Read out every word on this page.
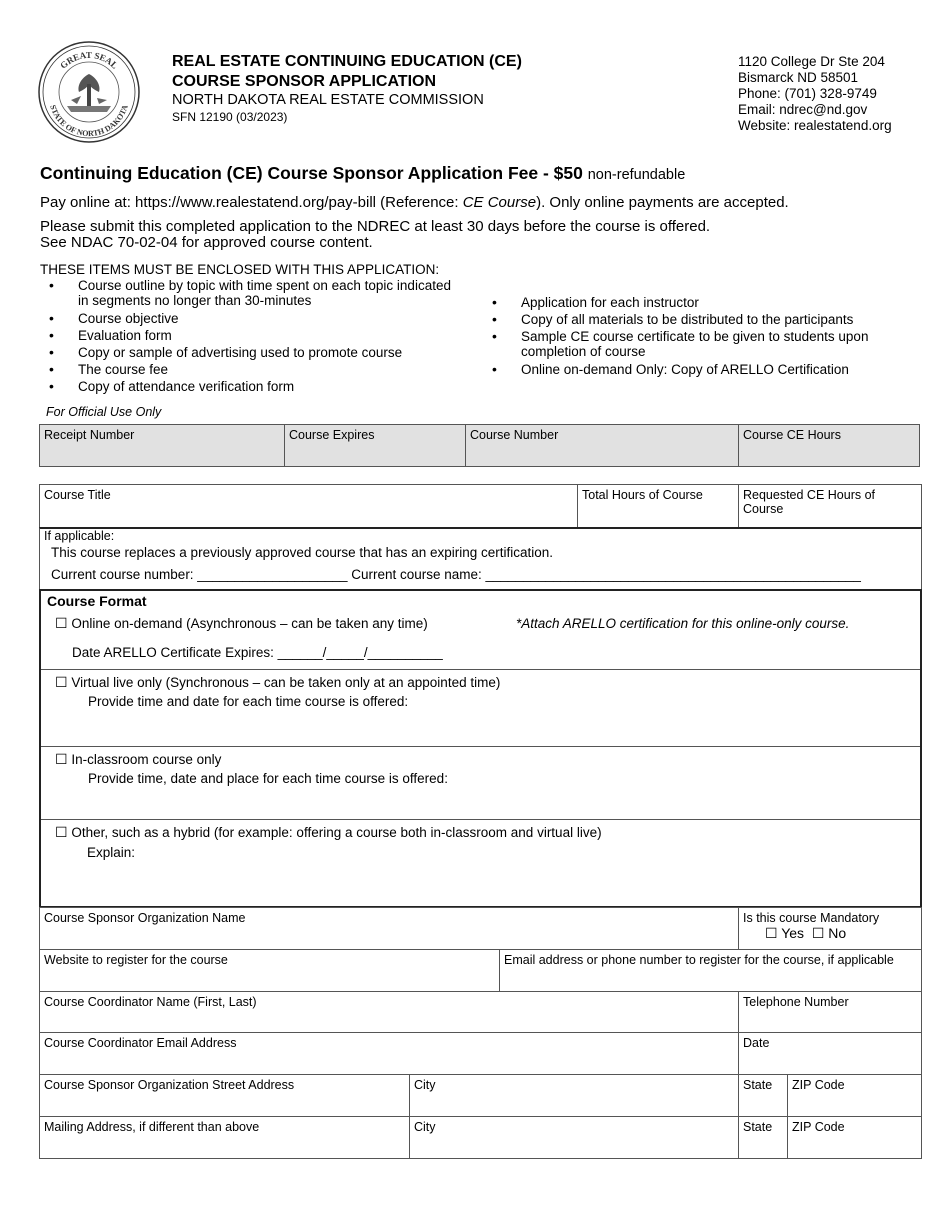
GREAT SEAL
STATE OF NORTH DAKOTA
REAL ESTATE CONTINUING EDUCATION (CE)
COURSE SPONSOR APPLICATION
NORTH DAKOTA REAL ESTATE COMMISSION
SFN 12190 (03/2023)
1120 College Dr Ste 204
Bismarck ND 58501
Phone: (701) 328-9749
Email: ndrec@nd.gov
Website: realestatend.org
Continuing Education (CE) Course Sponsor Application Fee - $50 non-refundable
Pay online at: https://www.realestatend.org/pay-bill (Reference: CE Course). Only online payments are accepted.
Please submit this completed application to the NDREC at least 30 days before the course is offered.
See NDAC 70-02-04 for approved course content.
THESE ITEMS MUST BE ENCLOSED WITH THIS APPLICATION:
• Course outline by topic with time spent on each topic indicated
in segments no longer than 30-minutes
• Course objective
• Evaluation form
• Copy or sample of advertising used to promote course
• The course fee
• Copy of attendance verification form
• Application for each instructor
• Copy of all materials to be distributed to the participants
• Sample CE course certificate to be given to students upon
completion of course
• Online on-demand Only: Copy of ARELLO Certification
For Official Use Only
Receipt Number	Course Expires	Course Number	Course CE Hours
Course Title	Total Hours of Course	Requested CE Hours of Course
If applicable:
This course replaces a previously approved course that has an expiring certification.
Current course number: ____________________ Current course name: __________________________________________________
Course Format
☐ Online on-demand (Asynchronous – can be taken any time)	*Attach ARELLO certification for this online-only course.
Date ARELLO Certificate Expires: ______/_____/__________
☐ Virtual live only (Synchronous – can be taken only at an appointed time)
Provide time and date for each time course is offered:
☐ In-classroom course only
Provide time, date and place for each time course is offered:
☐ Other, such as a hybrid (for example: offering a course both in-classroom and virtual live)
Explain:
Course Sponsor Organization Name	Is this course Mandatory
☐ Yes ☐ No
Website to register for the course	Email address or phone number to register for the course, if applicable
Course Coordinator Name (First, Last)	Telephone Number
Course Coordinator Email Address	Date
Course Sponsor Organization Street Address	City	State	ZIP Code
Mailing Address, if different than above	City	State	ZIP Code
